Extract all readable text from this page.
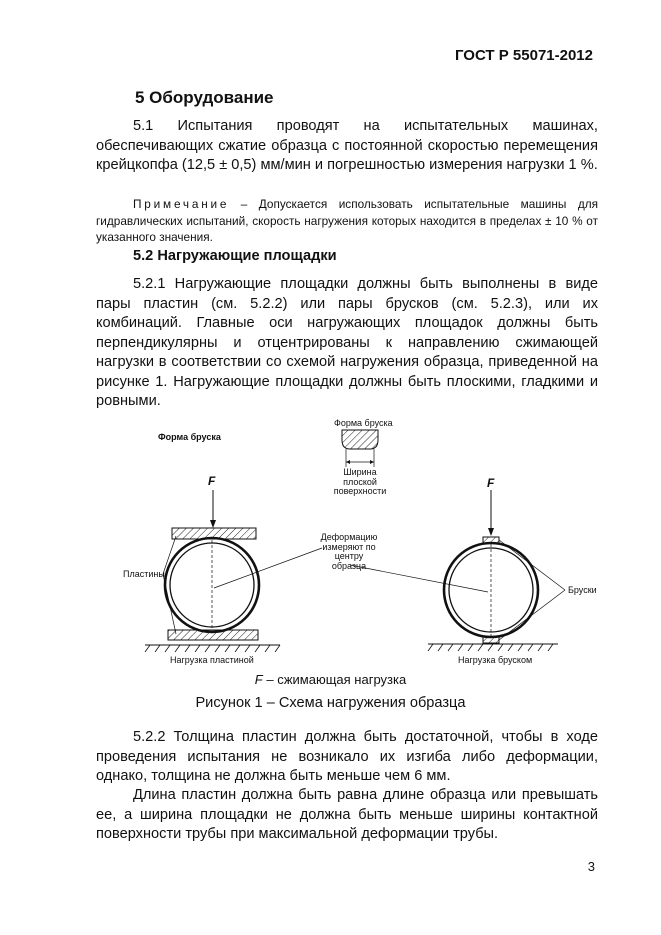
ГОСТ Р 55071-2012
5 Оборудование
5.1 Испытания проводят на испытательных машинах, обеспечивающих сжатие образца с постоянной скоростью перемещения крейцкопфа (12,5 ± 0,5) мм/мин и погрешностью измерения нагрузки 1 %.
Примечание – Допускается использовать испытательные машины для гидравлических испытаний, скорость нагружения которых находится в пределах ± 10 % от указанного значения.
5.2 Нагружающие площадки
5.2.1 Нагружающие площадки должны быть выполнены в виде пары пластин (см. 5.2.2) или пары брусков (см. 5.2.3), или их комбинаций. Главные оси нагружающих площадок должны быть перпендикулярны и отцентрированы к направлению сжимающей нагрузки в соответствии со схемой нагружения образца, приведенной на рисунке 1. Нагружающие площадки должны быть плоскими, гладкими и ровными.
Форма бруска
Форма бруска
Ширина
плоской
поверхности
F	F
Деформацию
измеряют по
центру
образца
Пластины
Бруски
Нагрузка пластиной	Нагрузка бруском
F – сжимающая нагрузка
Рисунок 1 – Схема нагружения образца
5.2.2 Толщина пластин должна быть достаточной, чтобы в ходе проведения испытания не возникало их изгиба либо деформации, однако, толщина не должна быть меньше чем 6 мм.
Длина пластин должна быть равна длине образца или превышать ее, а ширина площадки не должна быть меньше ширины контактной поверхности трубы при максимальной деформации трубы.
3
